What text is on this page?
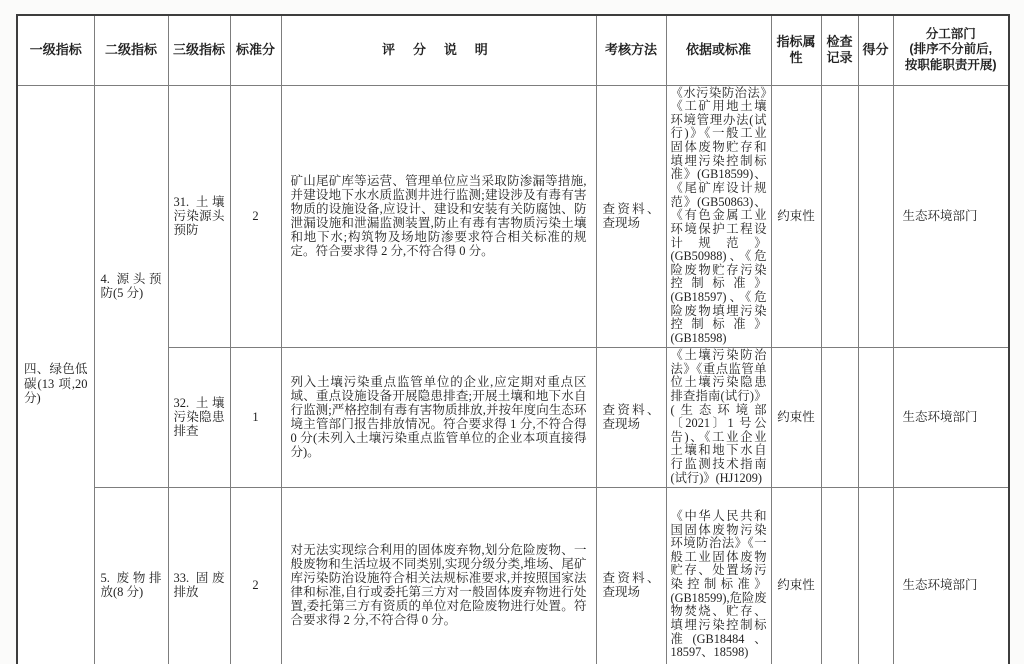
一级指标	二级指标	三级指标	标准分	评 分 说 明	考核方法	依据或标准	指标属性	检查记录	得分	分工部门
(排序不分前后,
按职能职责开展)

四、绿色低碳(13 项,20 分)	4. 源头预防(5 分)	31. 土壤污染源头预防	2	矿山尾矿库等运营、管理单位应当采取防渗漏等措施,并建设地下水水质监测井进行监测;建设涉及有毒有害物质的设施设备,应设计、建设和安装有关防腐蚀、防泄漏设施和泄漏监测装置,防止有毒有害物质污染土壤和地下水;构筑物及场地防渗要求符合相关标准的规定。符合要求得 2 分,不符合得 0 分。	查资料、查现场	《水污染防治法》《工矿用地土壤环境管理办法(试行)》《一般工业固体废物贮存和填埋污染控制标准》(GB18599)、《尾矿库设计规范》(GB50863)、《有色金属工业环境保护工程设计规范》(GB50988)、《危险废物贮存污染控制标准》(GB18597)、《危险废物填埋污染控制标准》(GB18598)	约束性			生态环境部门
		32. 土壤污染隐患排查	1	列入土壤污染重点监管单位的企业,应定期对重点区域、重点设施设备开展隐患排查;开展土壤和地下水自行监测;严格控制有毒有害物质排放,并按年度向生态环境主管部门报告排放情况。符合要求得 1 分,不符合得 0 分(未列入土壤污染重点监管单位的企业本项直接得分)。	查资料、查现场	《土壤污染防治法》《重点监管单位土壤污染隐患排查指南(试行)》(生态环境部〔2021〕1 号公告)、《工业企业土壤和地下水自行监测技术指南(试行)》(HJ1209)	约束性			生态环境部门
	5. 废物排放(8 分)	33. 固废排放	2	对无法实现综合利用的固体废弃物,划分危险废物、一般废物和生活垃圾不同类别,实现分级分类,堆场、尾矿库污染防治设施符合相关法规标准要求,并按照国家法律和标准,自行或委托第三方对一般固体废弃物进行处置,委托第三方有资质的单位对危险废物进行处置。符合要求得 2 分,不符合得 0 分。	查资料、查现场	《中华人民共和国固体废物污染环境防治法》《一般工业固体废物贮存、处置场污染控制标准》(GB18599),危险废物焚烧、贮存、填埋污染控制标准(GB18484、18597、18598)	约束性			生态环境部门
